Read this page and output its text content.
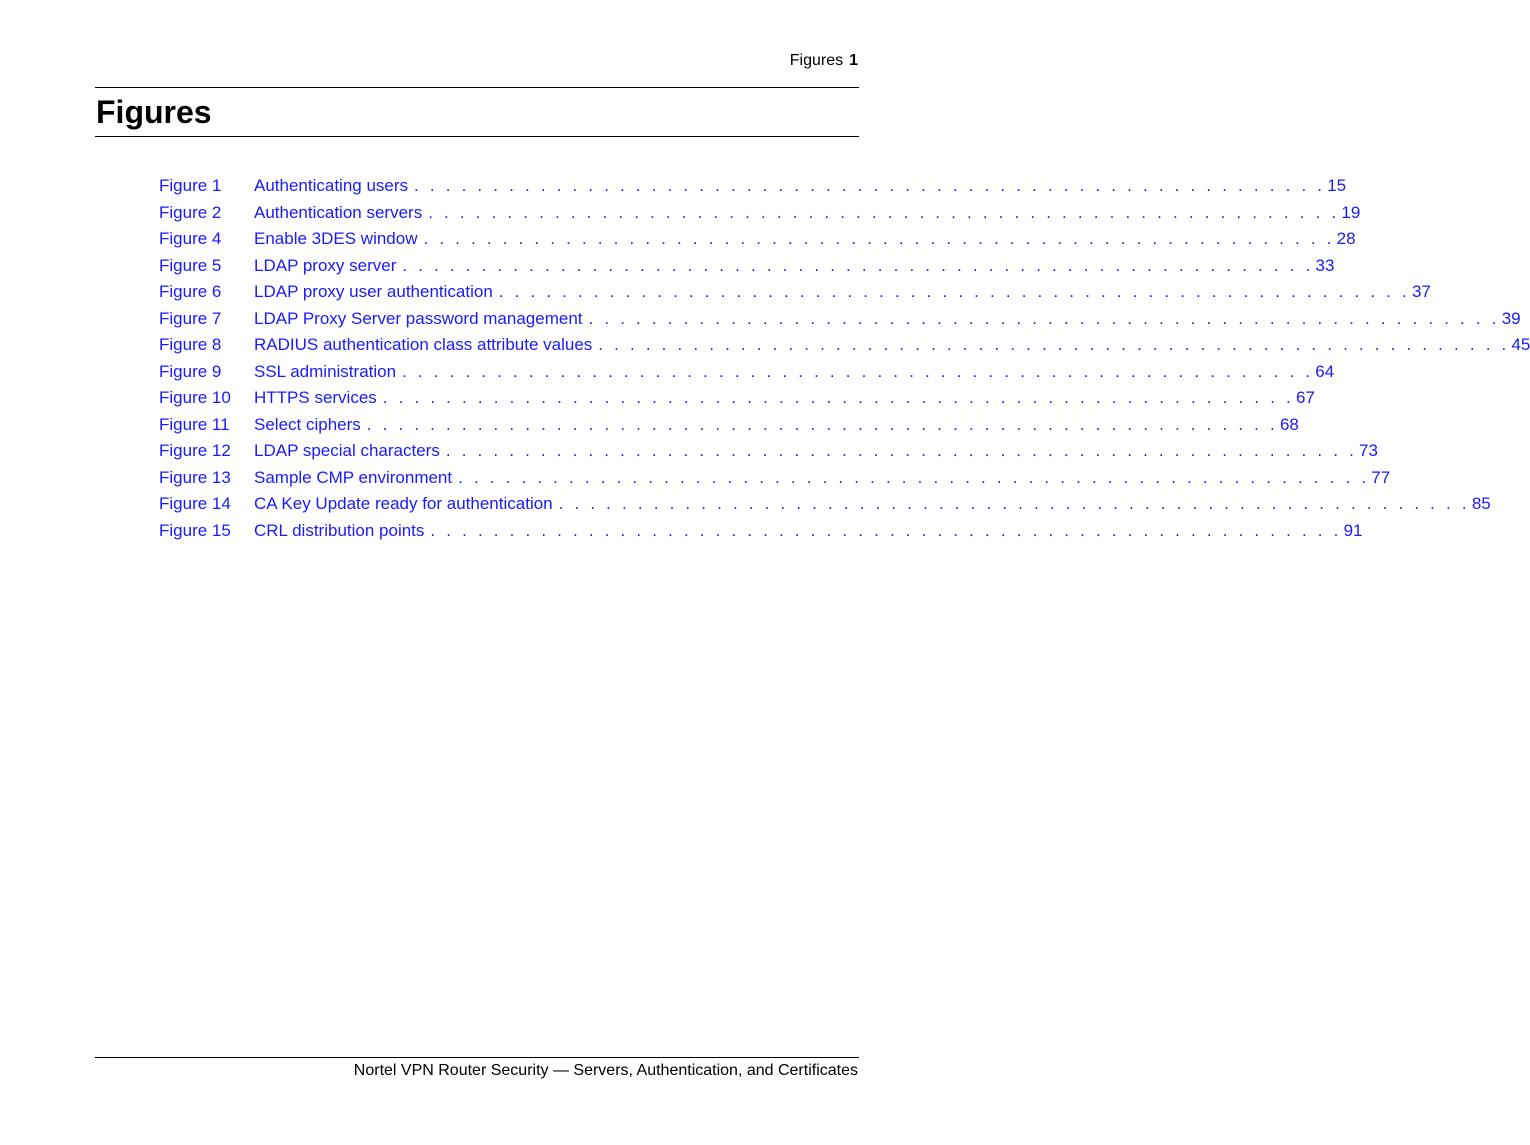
Figures 1
Figures
Figure 1	Authenticating users . . . . . . . . . . . . . . . . . . . . . . . . . . . . . . . . . . . . . . . . . . . . . . . . . . . . . . . . . . 15
Figure 2	Authentication servers . . . . . . . . . . . . . . . . . . . . . . . . . . . . . . . . . . . . . . . . . . . . . . . . . . . . . . . . . . 19
Figure 4	Enable 3DES window . . . . . . . . . . . . . . . . . . . . . . . . . . . . . . . . . . . . . . . . . . . . . . . . . . . . . . . . . . 28
Figure 5	LDAP proxy server . . . . . . . . . . . . . . . . . . . . . . . . . . . . . . . . . . . . . . . . . . . . . . . . . . . . . . . . . . 33
Figure 6	LDAP proxy user authentication . . . . . . . . . . . . . . . . . . . . . . . . . . . . . . . . . . . . . . . . . . . . . . . . . . . . . . . . . . 37
Figure 7	LDAP Proxy Server password management . . . . . . . . . . . . . . . . . . . . . . . . . . . . . . . . . . . . . . . . . . . . . . . . . . . . . . . . . . 39
Figure 8	RADIUS authentication class attribute values . . . . . . . . . . . . . . . . . . . . . . . . . . . . . . . . . . . . . . . . . . . . . . . . . . . . . . . . . . 45
Figure 9	SSL administration . . . . . . . . . . . . . . . . . . . . . . . . . . . . . . . . . . . . . . . . . . . . . . . . . . . . . . . . . . 64
Figure 10	HTTPS services . . . . . . . . . . . . . . . . . . . . . . . . . . . . . . . . . . . . . . . . . . . . . . . . . . . . . . . . . . 67
Figure 11	Select ciphers . . . . . . . . . . . . . . . . . . . . . . . . . . . . . . . . . . . . . . . . . . . . . . . . . . . . . . . . . . 68
Figure 12	LDAP special characters . . . . . . . . . . . . . . . . . . . . . . . . . . . . . . . . . . . . . . . . . . . . . . . . . . . . . . . . . . 73
Figure 13	Sample CMP environment . . . . . . . . . . . . . . . . . . . . . . . . . . . . . . . . . . . . . . . . . . . . . . . . . . . . . . . . . . 77
Figure 14	CA Key Update ready for authentication . . . . . . . . . . . . . . . . . . . . . . . . . . . . . . . . . . . . . . . . . . . . . . . . . . . . . . . . . . 85
Figure 15	CRL distribution points . . . . . . . . . . . . . . . . . . . . . . . . . . . . . . . . . . . . . . . . . . . . . . . . . . . . . . . . . . 91
Nortel VPN Router Security — Servers, Authentication, and Certificates
